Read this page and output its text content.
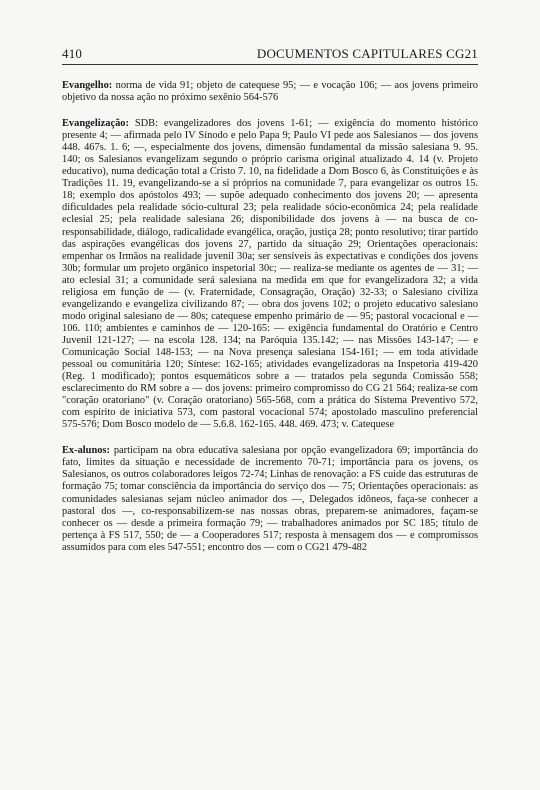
410	DOCUMENTOS CAPITULARES CG21

Evangelho: norma de vida 91; objeto de catequese 95; — e vocação 106; — aos jovens primeiro objetivo da nossa ação no próximo sexênio 564-576

Evangelização: SDB: evangelizadores dos jovens 1-61; — exigência do momento histórico presente 4; — afirmada pelo IV Sínodo e pelo Papa 9; Paulo VI pede aos Salesianos — dos jovens 448. 467s. 1. 6; —, especialmente dos jovens, dimensão fundamental da missão salesiana 9. 95. 140; os Salesianos evangelizam segundo o próprio carisma original atualizado 4. 14 (v. Projeto educativo), numa dedicação total a Cristo 7. 10, na fidelidade a Dom Bosco 6, às Constituições e às Tradições 11. 19, evangelizando-se a si próprios na comunidade 7, para evangelizar os outros 15. 18; exemplo dos apóstolos 493; — supõe adequado conhecimento dos jovens 20; — apresenta dificuldades pela realidade sócio-cultural 23; pela realidade sócio-econômica 24; pela realidade eclesial 25; pela realidade salesiana 26; disponibilidade dos jovens à — na busca de co-responsabilidade, diálogo, radicalidade evangélica, oração, justiça 28; ponto resolutivo; tirar partido das aspirações evangélicas dos jovens 27, partido da situação 29; Orientações operacionais: empenhar os Irmãos na realidade juvenil 30a; ser sensíveis às expectativas e condições dos jovens 30b; formular um projeto orgânico inspetorial 30c; — realiza-se mediante os agentes de — 31; — ato eclesial 31; a comunidade será salesiana na medida em que for evangelizadora 32; a vida religiosa em função de — (v. Fraternidade, Consagração, Oração) 32-33; o Salesiano civiliza evangelizando e evangeliza civilizando 87; — obra dos jovens 102; o projeto educativo salesiano modo original salesiano de — 80s; catequese empenho primário de — 95; pastoral vocacional e — 106. 110; ambientes e caminhos de — 120-165: — exigência fundamental do Oratório e Centro Juvenil 121-127; — na escola 128. 134; na Paróquia 135.142; — nas Missões 143-147; — e Comunicação Social 148-153; — na Nova presença salesiana 154-161; — em toda atividade pessoal ou comunitária 120; Síntese: 162-165; atividades evangelizadoras na Inspetoria 419-420 (Reg. 1 modificado); pontos esquemáticos sobre a — tratados pela segunda Comissão 558; esclarecimento do RM sobre a — dos jovens: primeiro compromisso do CG 21 564; realiza-se com "coração oratoriano" (v. Coração oratoriano) 565-568, com a prática do Sistema Preventivo 572, com espírito de iniciativa 573, com pastoral vocacional 574; apostolado masculino preferencial 575-576; Dom Bosco modelo de — 5.6.8. 162-165. 448. 469. 473; v. Catequese

Ex-alunos: participam na obra educativa salesiana por opção evangelizadora 69; importância do fato, limites da situação e necessidade de incremento 70-71; importância para os jovens, os Salesianos, os outros colaboradores leigos 72-74; Linhas de renovação: a FS cuide das estruturas de formação 75; tomar consciência da importância do serviço dos — 75; Orientações operacionais: as comunidades salesianas sejam núcleo animador dos —, Delegados idôneos, faça-se conhecer a pastoral dos —, co-responsabilizem-se nas nossas obras, preparem-se animadores, façam-se conhecer os — desde a primeira formação 79; — trabalhadores animados por SC 185; título de pertença à FS 517, 550; de — a Cooperadores 517; resposta à mensagem dos — e compromissos assumidos para com eles 547-551; encontro dos — com o CG21 479-482
